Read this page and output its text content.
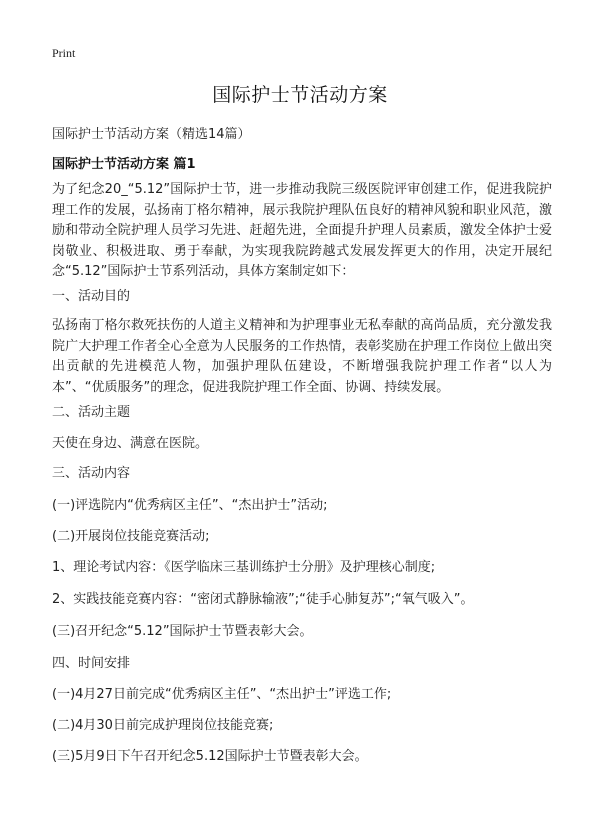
Print
国际护士节活动方案
国际护士节活动方案（精选14篇）
国际护士节活动方案 篇1
为了纪念20_“5.12”国际护士节，进一步推动我院三级医院评审创建工作，促进我院护理工作的发展，弘扬南丁格尔精神，展示我院护理队伍良好的精神风貌和职业风范，激励和带动全院护理人员学习先进、赶超先进，全面提升护理人员素质，激发全体护士爱岗敬业、积极进取、勇于奉献，为实现我院跨越式发展发挥更大的作用，决定开展纪念“5.12”国际护士节系列活动，具体方案制定如下：
一、活动目的
弘扬南丁格尔救死扶伤的人道主义精神和为护理事业无私奉献的高尚品质，充分激发我院广大护理工作者全心全意为人民服务的工作热情，表彰奖励在护理工作岗位上做出突出贡献的先进模范人物，加强护理队伍建设，不断增强我院护理工作者“以人为本”、“优质服务”的理念，促进我院护理工作全面、协调、持续发展。
二、活动主题
天使在身边、满意在医院。
三、活动内容
(一)评选院内“优秀病区主任”、“杰出护士”活动;
(二)开展岗位技能竞赛活动;
1、理论考试内容：《医学临床三基训练护士分册》及护理核心制度;
2、实践技能竞赛内容：“密闭式静脉输液”;“徒手心肺复苏”;“氧气吸入”。
(三)召开纪念“5.12”国际护士节暨表彰大会。
四、时间安排
(一)4月27日前完成“优秀病区主任”、“杰出护士”评选工作;
(二)4月30日前完成护理岗位技能竞赛;
(三)5月9日下午召开纪念5.12国际护士节暨表彰大会。
